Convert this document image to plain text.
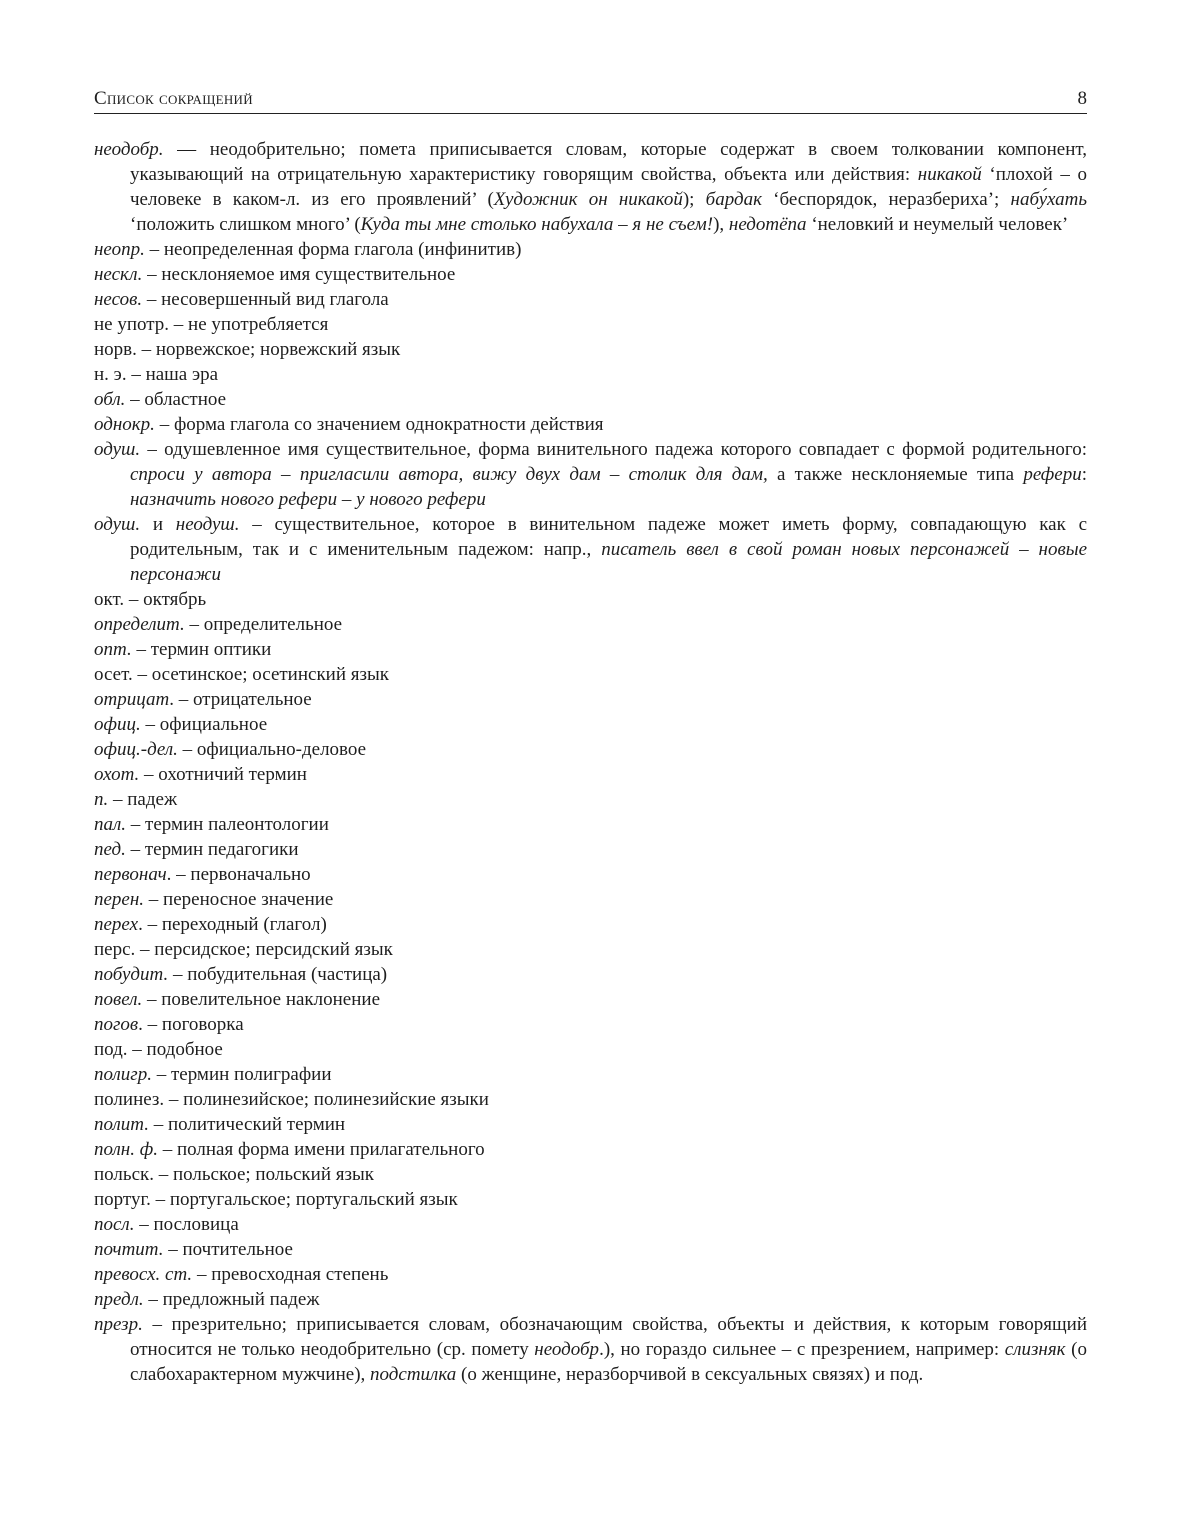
Список сокращений	8
неодобр. — неодобрительно; помета приписывается словам, которые содержат в своем толковании компонент, указывающий на отрицательную характеристику говорящим свойства, объекта или действия: никакой ‘плохой – о человеке в каком-л. из его проявлений’ (Художник он никакой); бардак ‘беспорядок, неразбериха’; набу́хать ‘положить слишком много’ (Куда ты мне столько набухала – я не съем!), недотёпа ‘неловкий и неумелый человек’
неопр. – неопределенная форма глагола (инфинитив)
нескл. – несклоняемое имя существительное
несов. – несовершенный вид глагола
не употр. – не употребляется
норв. – норвежское; норвежский язык
н. э. – наша эра
обл. – областное
однокр. – форма глагола со значением однократности действия
одуш. – одушевленное имя существительное, форма винительного падежа которого совпадает с формой родительного: спроси у автора – пригласили автора, вижу двух дам – столик для дам, а также несклоняемые типа рефери: назначить нового рефери – у нового рефери
одуш. и неодуш. – существительное, которое в винительном падеже может иметь форму, совпадающую как с родительным, так и с именительным падежом: напр., писатель ввел в свой роман новых персонажей – новые персонажи
окт. – октябрь
определит. – определительное
опт. – термин оптики
осет. – осетинское; осетинский язык
отрицат. – отрицательное
офиц. – официальное
офиц.-дел. – официально-деловое
охот. – охотничий термин
п. – падеж
пал. – термин палеонтологии
пед. – термин педагогики
первонач. – первоначально
перен. – переносное значение
перех. – переходный (глагол)
перс. – персидское; персидский язык
побудит. – побудительная (частица)
повел. – повелительное наклонение
погов. – поговорка
под. – подобное
полигр. – термин полиграфии
полинез. – полинезийское; полинезийские языки
полит. – политический термин
полн. ф. – полная форма имени прилагательного
польск. – польское; польский язык
португ. – португальское; португальский язык
посл. – пословица
почтит. – почтительное
превосх. ст. – превосходная степень
предл. – предложный падеж
презр. – презрительно; приписывается словам, обозначающим свойства, объекты и действия, к которым говорящий относится не только неодобрительно (ср. помету неодобр.), но гораздо сильнее – с презрением, например: слизняк (о слабохарактерном мужчине), подстилка (о женщине, неразборчивой в сексуальных связях) и под.
